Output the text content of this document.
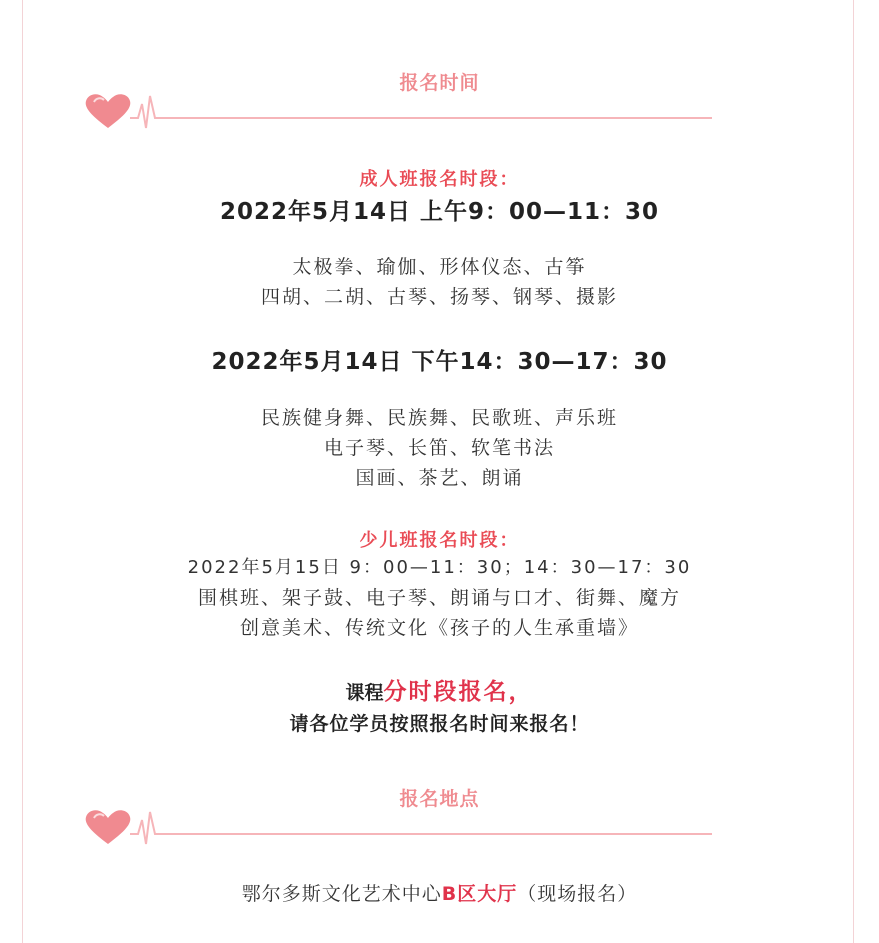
报名时间
成人班报名时段：
2022年5月14日 上午9：00—11：30
太极拳、瑜伽、形体仪态、古筝
四胡、二胡、古琴、扬琴、钢琴、摄影
2022年5月14日 下午14：30—17：30
民族健身舞、民族舞、民歌班、声乐班
电子琴、长笛、软笔书法
国画、茶艺、朗诵
少儿班报名时段：
2022年5月15日 9：00—11：30；14：30—17：30
围棋班、架子鼓、电子琴、朗诵与口才、街舞、魔方
创意美术、传统文化《孩子的人生承重墙》
课程分时段报名，
请各位学员按照报名时间来报名！
报名地点
鄂尔多斯文化艺术中心B区大厅（现场报名）
